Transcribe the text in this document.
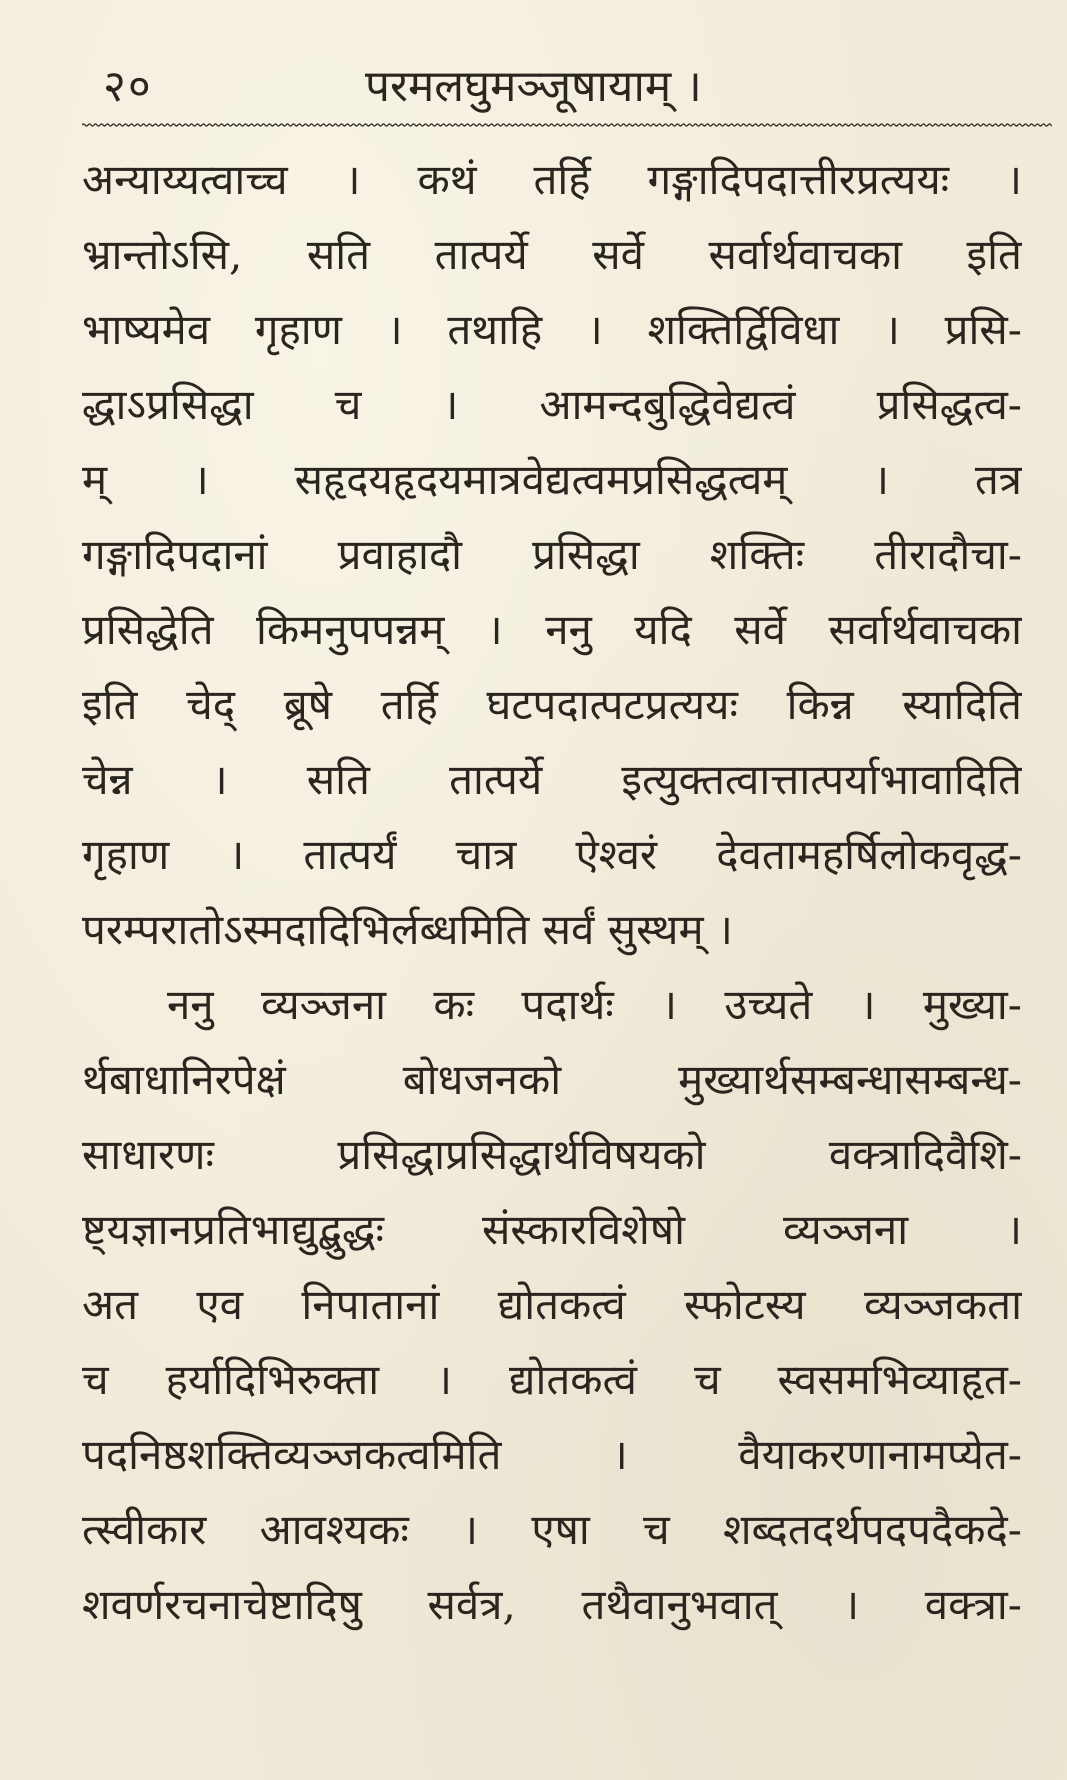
२०	परमलघुमञ्जूषायाम् ।
अन्याय्यत्वाच्च । कथं तर्हि गङ्गादिपदात्तीरप्रत्ययः ।
भ्रान्तोऽसि, सति तात्पर्ये सर्वे सर्वार्थवाचका इति
भाष्यमेव गृहाण । तथाहि । शक्तिर्द्विविधा । प्रसि-
द्धाऽप्रसिद्धा च । आमन्दबुद्धिवेद्यत्वं प्रसिद्धत्व-
म् । सहृदयहृदयमात्रवेद्यत्वमप्रसिद्धत्वम् । तत्र
गङ्गादिपदानां प्रवाहादौ प्रसिद्धा शक्तिः तीरादौचा-
प्रसिद्धेति किमनुपपन्नम् । ननु यदि सर्वे सर्वार्थवाचका
इति चेद् ब्रूषे तर्हि घटपदात्पटप्रत्ययः किन्न स्यादिति
चेन्न । सति तात्पर्ये इत्युक्तत्वात्तात्पर्याभावादिति
गृहाण । तात्पर्यं चात्र ऐश्वरं देवतामहर्षिलोकवृद्ध-
परम्परातोऽस्मदादिभिर्लब्धमिति सर्वं सुस्थम् ।
ननु व्यञ्जना कः पदार्थः । उच्यते । मुख्या-
र्थबाधानिरपेक्षं बोधजनको मुख्यार्थसम्बन्धासम्बन्ध-
साधारणः प्रसिद्धाप्रसिद्धार्थविषयको वक्त्रादिवैशि-
ष्ट्यज्ञानप्रतिभाद्युद्बुद्धः संस्कारविशेषो व्यञ्जना ।
अत एव निपातानां द्योतकत्वं स्फोटस्य व्यञ्जकता
च हर्यादिभिरुक्ता । द्योतकत्वं च स्वसमभिव्याहृत-
पदनिष्ठशक्तिव्यञ्जकत्वमिति । वैयाकरणानामप्येत-
त्स्वीकार आवश्यकः । एषा च शब्दतदर्थपदपदैकदे-
शवर्णरचनाचेष्टादिषु सर्वत्र, तथैवानुभवात् । वक्त्रा-
